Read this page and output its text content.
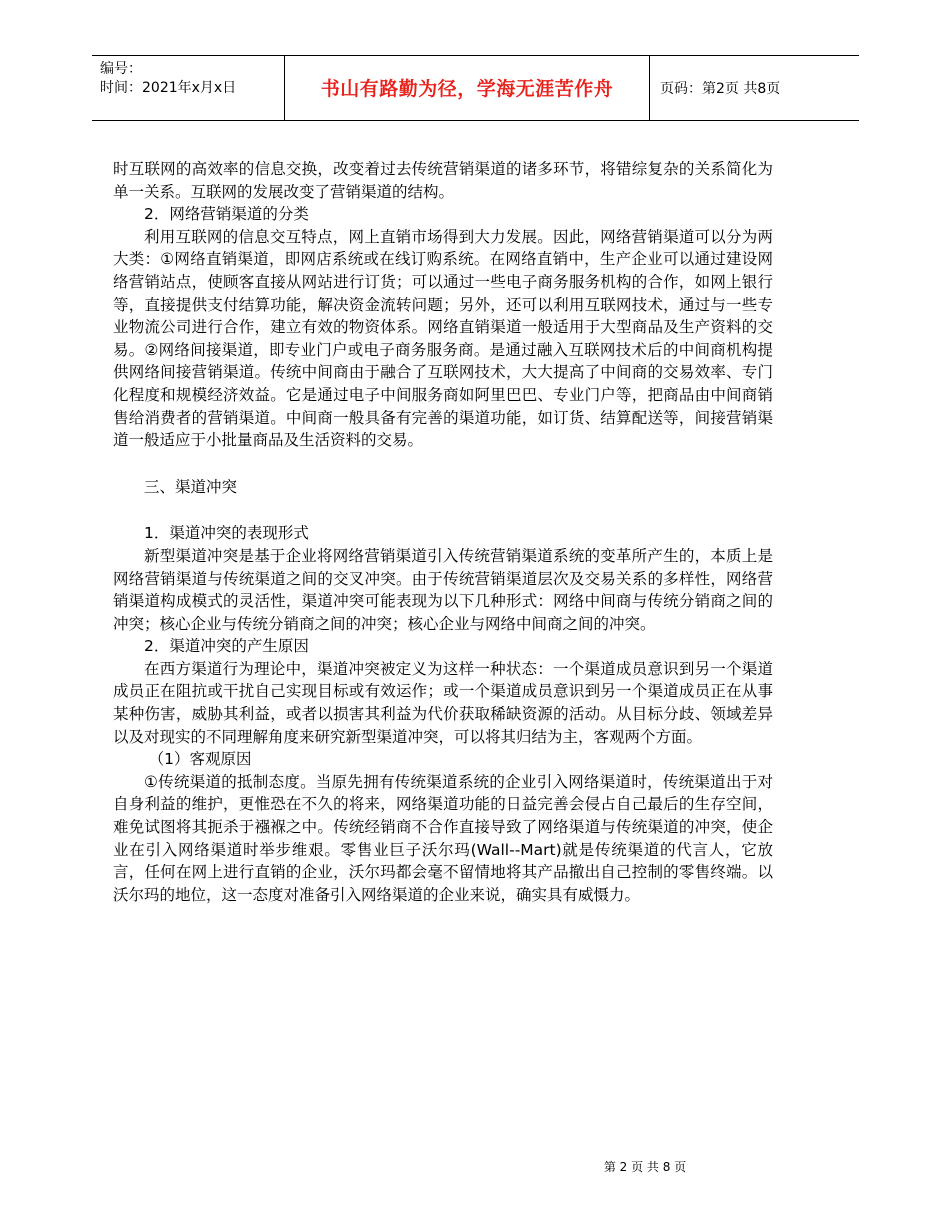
编号：
时间：2021年x月x日	书山有路勤为径，学海无涯苦作舟	页码：第2页 共8页

时互联网的高效率的信息交换，改变着过去传统营销渠道的诸多环节，将错综复杂的关系简化为单一关系。互联网的发展改变了营销渠道的结构。

2．网络营销渠道的分类

利用互联网的信息交互特点，网上直销市场得到大力发展。因此，网络营销渠道可以分为两大类：①网络直销渠道，即网店系统或在线订购系统。在网络直销中，生产企业可以通过建设网络营销站点，使顾客直接从网站进行订货；可以通过一些电子商务服务机构的合作，如网上银行等，直接提供支付结算功能，解决资金流转问题；另外，还可以利用互联网技术，通过与一些专业物流公司进行合作，建立有效的物资体系。网络直销渠道一般适用于大型商品及生产资料的交易。②网络间接渠道，即专业门户或电子商务服务商。是通过融入互联网技术后的中间商机构提供网络间接营销渠道。传统中间商由于融合了互联网技术，大大提高了中间商的交易效率、专门化程度和规模经济效益。它是通过电子中间服务商如阿里巴巴、专业门户等，把商品由中间商销售给消费者的营销渠道。中间商一般具备有完善的渠道功能，如订货、结算配送等，间接营销渠道一般适应于小批量商品及生活资料的交易。

三、渠道冲突

1．渠道冲突的表现形式

新型渠道冲突是基于企业将网络营销渠道引入传统营销渠道系统的变革所产生的，本质上是网络营销渠道与传统渠道之间的交叉冲突。由于传统营销渠道层次及交易关系的多样性，网络营销渠道构成模式的灵活性，渠道冲突可能表现为以下几种形式：网络中间商与传统分销商之间的冲突；核心企业与传统分销商之间的冲突；核心企业与网络中间商之间的冲突。

2．渠道冲突的产生原因

在西方渠道行为理论中，渠道冲突被定义为这样一种状态：一个渠道成员意识到另一个渠道成员正在阻抗或干扰自己实现目标或有效运作；或一个渠道成员意识到另一个渠道成员正在从事某种伤害，威胁其利益，或者以损害其利益为代价获取稀缺资源的活动。从目标分歧、领域差异以及对现实的不同理解角度来研究新型渠道冲突，可以将其归结为主，客观两个方面。

（1）客观原因

①传统渠道的抵制态度。当原先拥有传统渠道系统的企业引入网络渠道时，传统渠道出于对自身利益的维护，更惟恐在不久的将来，网络渠道功能的日益完善会侵占自己最后的生存空间，难免试图将其扼杀于襁褓之中。传统经销商不合作直接导致了网络渠道与传统渠道的冲突，使企业在引入网络渠道时举步维艰。零售业巨子沃尔玛(Wall--Mart)就是传统渠道的代言人，它放言，任何在网上进行直销的企业，沃尔玛都会毫不留情地将其产品撤出自己控制的零售终端。以沃尔玛的地位，这一态度对准备引入网络渠道的企业来说，确实具有威慑力。

第 2 页 共 8 页
